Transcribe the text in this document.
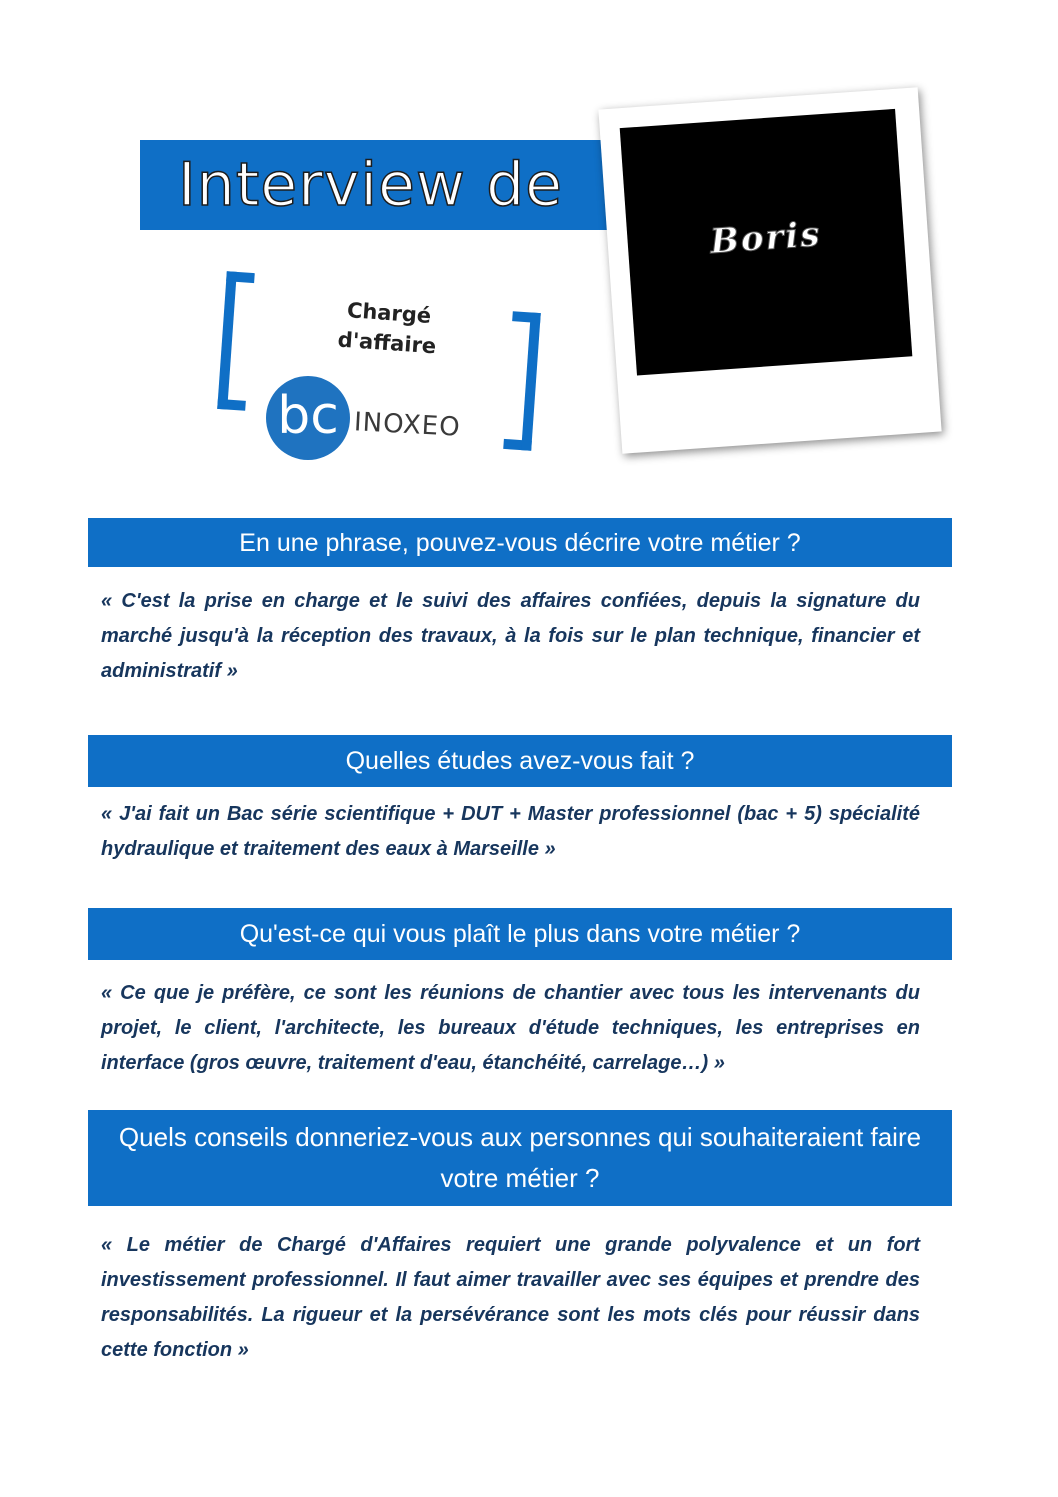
Interview de
Boris
Chargé
d'affaire
bc INOXEO
En une phrase, pouvez-vous décrire votre métier ?

« C'est la prise en charge et le suivi des affaires confiées, depuis la signature du marché jusqu'à la réception des travaux, à la fois sur le plan technique, financier et administratif »

Quelles études avez-vous fait ?

« J'ai fait un Bac série scientifique + DUT + Master professionnel (bac + 5) spécialité hydraulique et traitement des eaux à Marseille »

Qu'est-ce qui vous plaît le plus dans votre métier ?

« Ce que je préfère, ce sont les réunions de chantier avec tous les intervenants du projet, le client, l'architecte, les bureaux d'étude techniques, les entreprises en interface (gros œuvre, traitement d'eau, étanchéité, carrelage…) »

Quels conseils donneriez-vous aux personnes qui souhaiteraient faire votre métier ?

« Le métier de Chargé d'Affaires requiert une grande polyvalence et un fort investissement professionnel. Il faut aimer travailler avec ses équipes et prendre des responsabilités. La rigueur et la persévérance sont les mots clés pour réussir dans cette fonction »
